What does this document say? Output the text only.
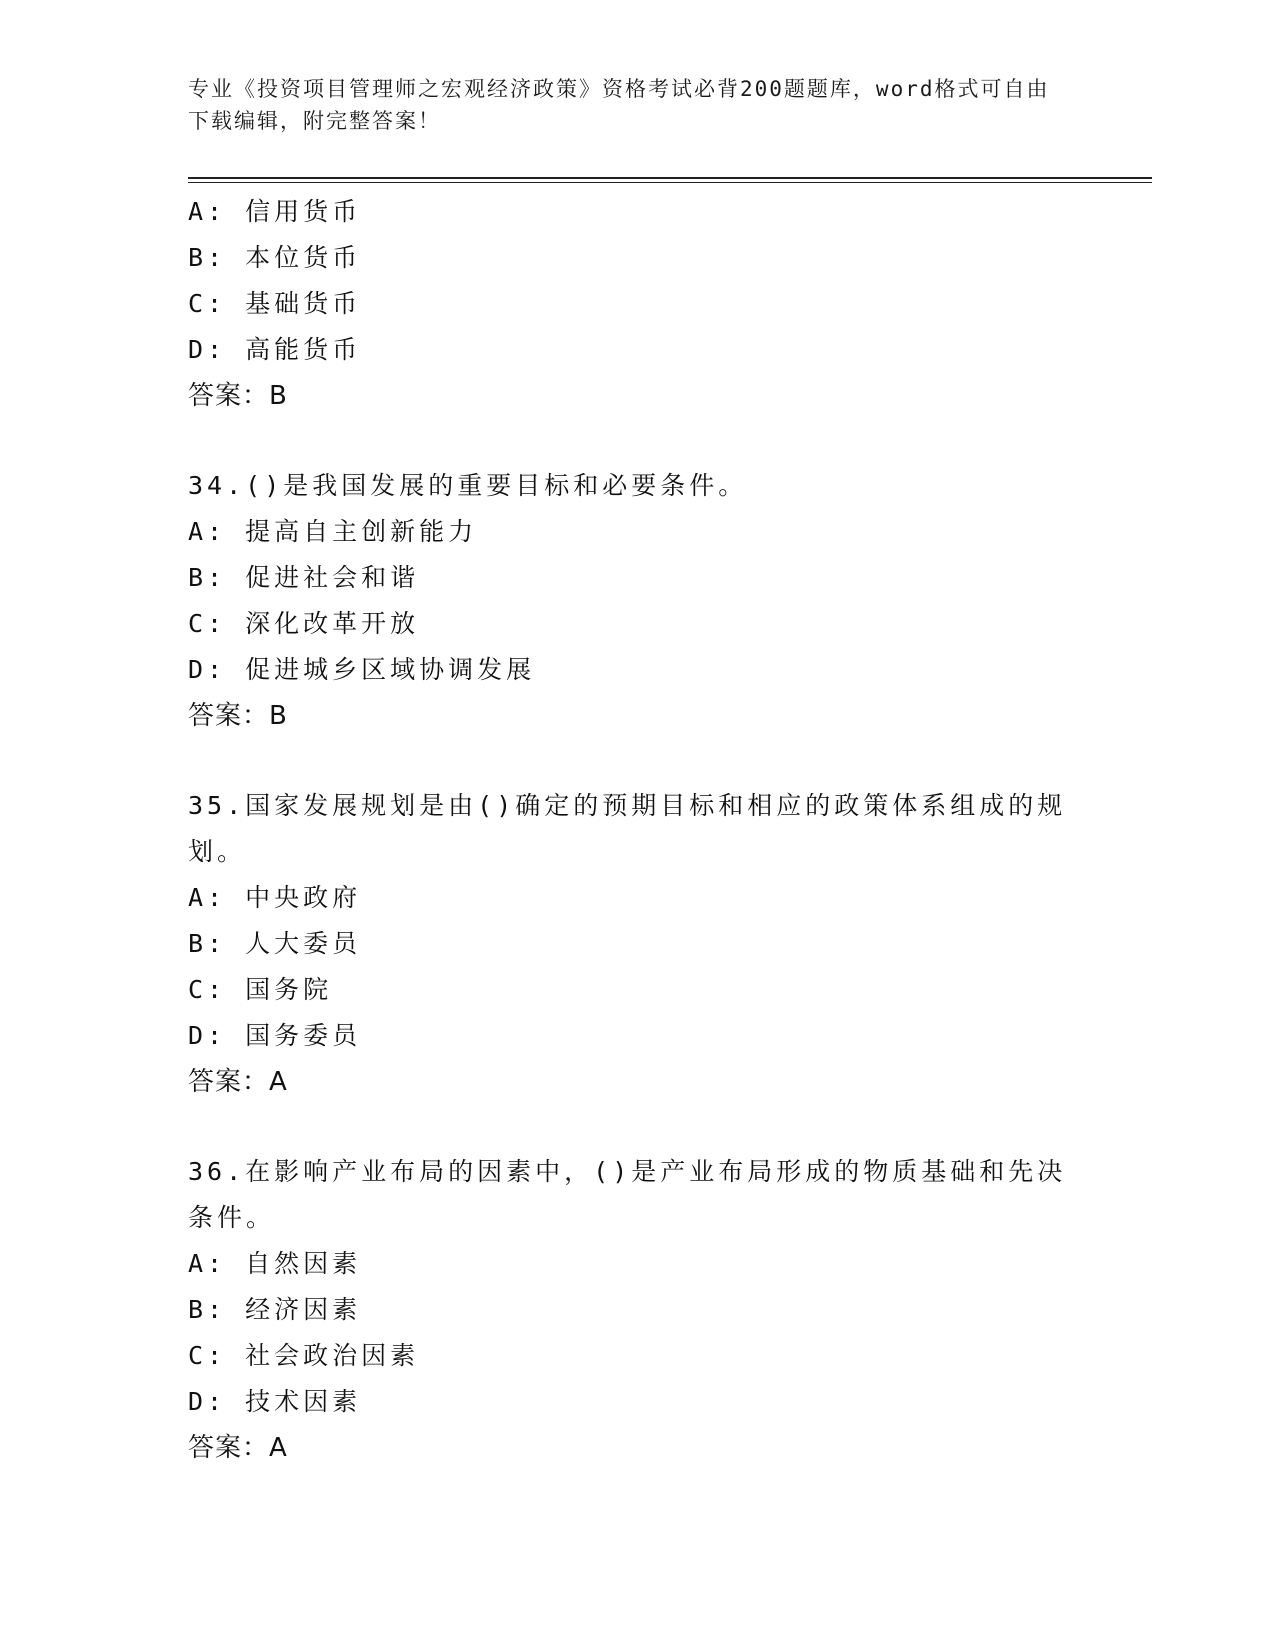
专业《投资项目管理师之宏观经济政策》资格考试必背200题题库，word格式可自由下载编辑，附完整答案！
A: 信用货币
B: 本位货币
C: 基础货币
D: 高能货币
答案：B
34.()是我国发展的重要目标和必要条件。
A: 提高自主创新能力
B: 促进社会和谐
C: 深化改革开放
D: 促进城乡区域协调发展
答案：B
35.国家发展规划是由()确定的预期目标和相应的政策体系组成的规划。
A: 中央政府
B: 人大委员
C: 国务院
D: 国务委员
答案：A
36.在影响产业布局的因素中，()是产业布局形成的物质基础和先决条件。
A: 自然因素
B: 经济因素
C: 社会政治因素
D: 技术因素
答案：A
